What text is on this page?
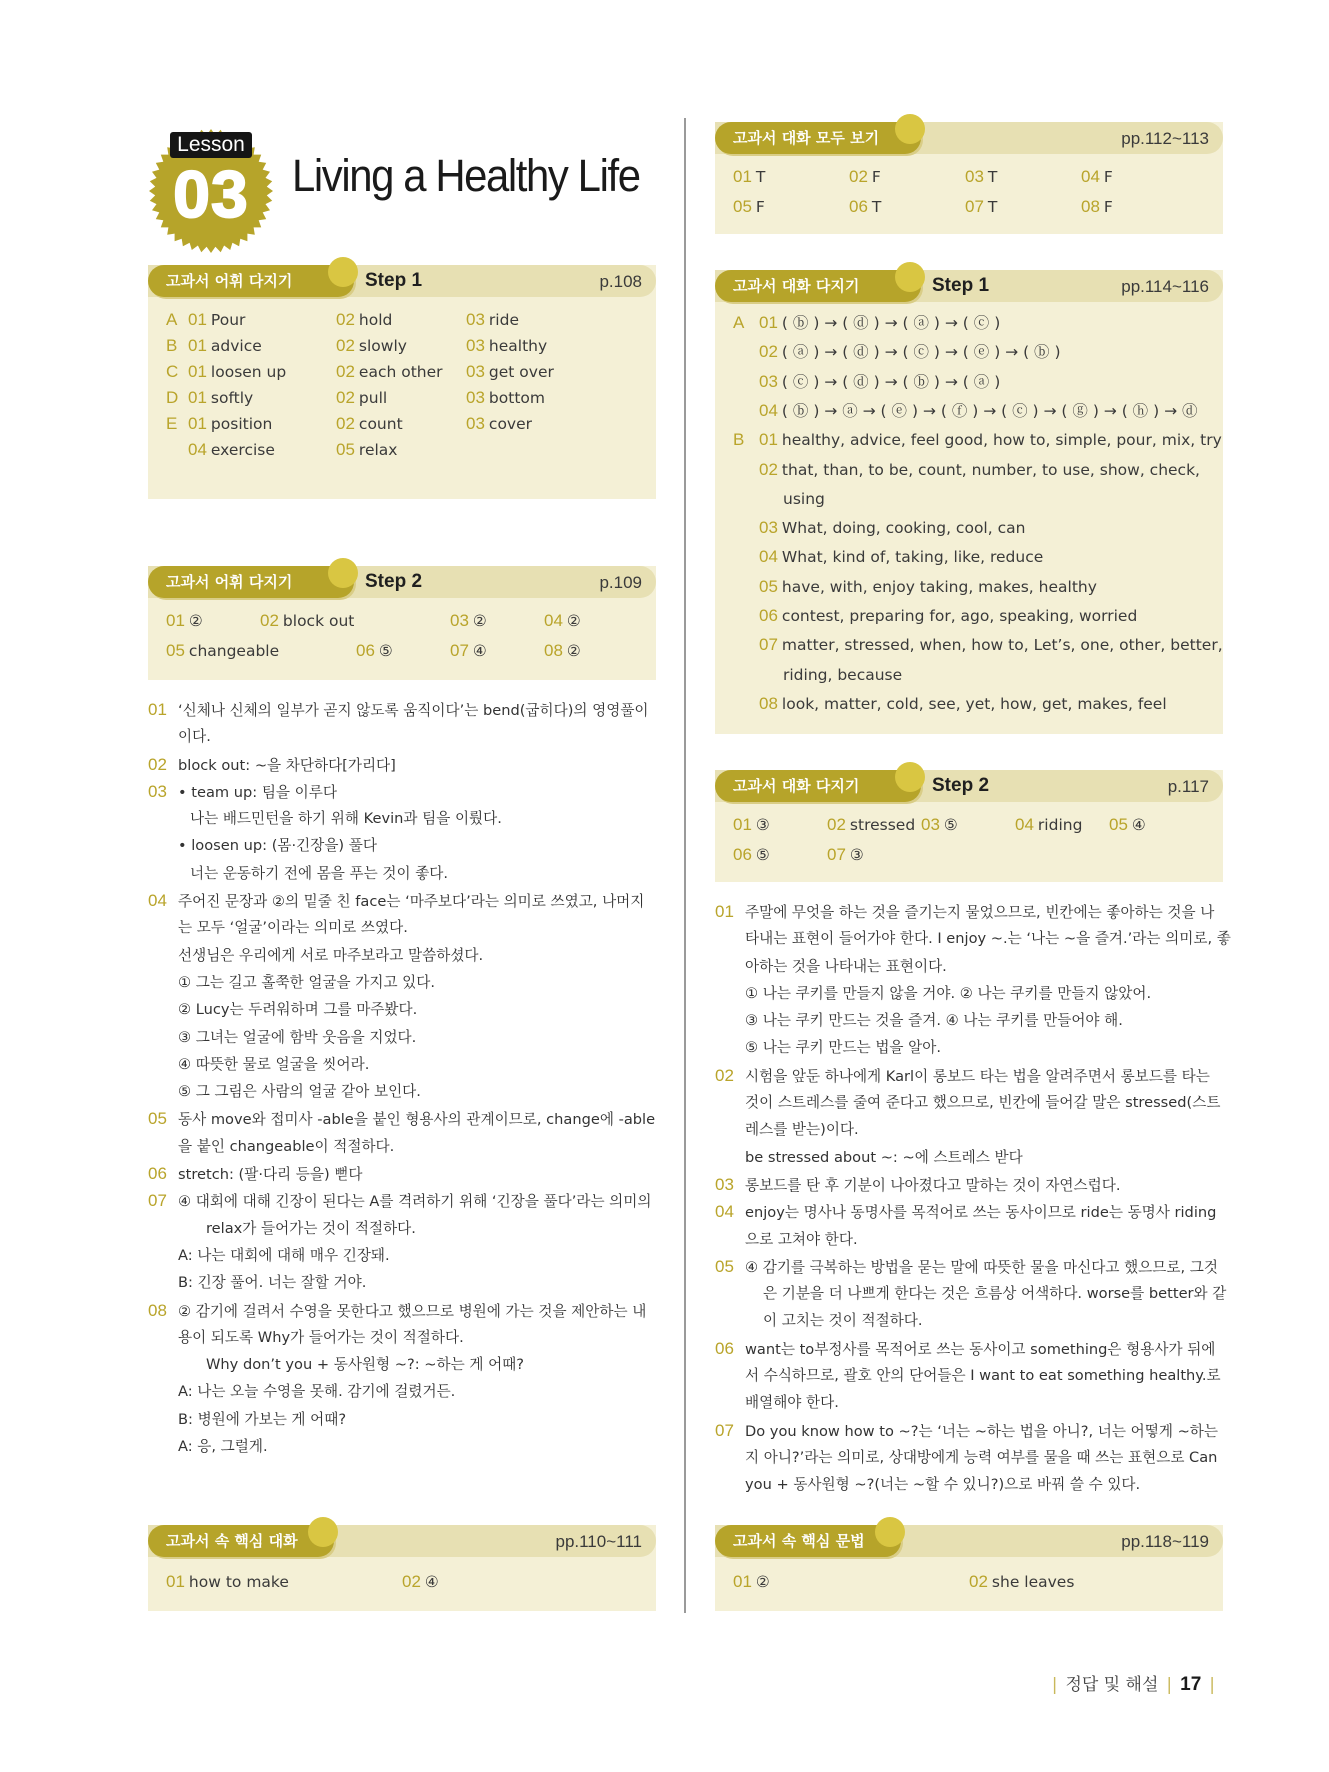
Lesson
03 Living a Healthy Life
고과서 어휘 다지기	Step 1	p.108
A 01 Pour	02 hold	03 ride
B 01 advice	02 slowly	03 healthy
C 01 loosen up	02 each other 03 get over
D 01 softly	02 pull	03 bottom
E 01 position	02 count	03 cover
04 exercise	05 relax
고과서 어휘 다지기	Step 2	p.109
01 ②	02 block out	03 ②	04 ②
05 changeable	06 ⑤	07 ④	08 ②
01 ‘신체나 신체의 일부가 곧지 않도록 움직이다’는 bend(굽히다)의 영영풀이
이다.
02 block out: ~을 차단하다[가리다]
03 • team up: 팀을 이루다
나는 배드민턴을 하기 위해 Kevin과 팀을 이뤘다.
• loosen up: (몸·긴장을) 풀다
너는 운동하기 전에 몸을 푸는 것이 좋다.
04 주어진 문장과 ②의 밑줄 친 face는 ‘마주보다’라는 의미로 쓰였고, 나머지
는 모두 ‘얼굴’이라는 의미로 쓰였다.
선생님은 우리에게 서로 마주보라고 말씀하셨다.
① 그는 길고 홀쭉한 얼굴을 가지고 있다.
② Lucy는 두려워하며 그를 마주봤다.
③ 그녀는 얼굴에 함박 웃음을 지었다.
④ 따뜻한 물로 얼굴을 씻어라.
⑤ 그 그림은 사람의 얼굴 같아 보인다.
05 동사 move와 접미사 -able을 붙인 형용사의 관계이므로, change에 -able
을 붙인 changeable이 적절하다.
06 stretch: (팔·다리 등을) 뻗다
07 ④ 대회에 대해 긴장이 된다는 A를 격려하기 위해 ‘긴장을 풀다’라는 의미의
relax가 들어가는 것이 적절하다.
A: 나는 대회에 대해 매우 긴장돼.
B: 긴장 풀어. 너는 잘할 거야.
08 ② 감기에 걸려서 수영을 못한다고 했으므로 병원에 가는 것을 제안하는 내
용이 되도록 Why가 들어가는 것이 적절하다.
Why don’t you + 동사원형 ~?: ~하는 게 어때?
A: 나는 오늘 수영을 못해. 감기에 걸렸거든.
B: 병원에 가보는 게 어때?
A: 응, 그럴게.
고과서 속 핵심 대화	pp.110~111
01 how to make	02 ④
고과서 대화 모두 보기	pp.112~113
01 T	02 F	03 T	04 F
05 F	06 T	07 T	08 F
고과서 대화 다지기	Step 1	pp.114~116
A 01 ( ⓑ ) → ( ⓓ ) → ( ⓐ ) → ( ⓒ )
02 ( ⓐ ) → ( ⓓ ) → ( ⓒ ) → ( ⓔ ) → ( ⓑ )
03 ( ⓒ ) → ( ⓓ ) → ( ⓑ ) → ( ⓐ )
04 ( ⓑ ) → ⓐ → ( ⓔ ) → ( ⓕ ) → ( ⓒ ) → ( ⓖ ) → ( ⓗ ) → ⓓ
B 01 healthy, advice, feel good, how to, simple, pour, mix, try
02 that, than, to be, count, number, to use, show, check,
using
03 What, doing, cooking, cool, can
04 What, kind of, taking, like, reduce
05 have, with, enjoy taking, makes, healthy
06 contest, preparing for, ago, speaking, worried
07 matter, stressed, when, how to, Let’s, one, other, better,
riding, because
08 look, matter, cold, see, yet, how, get, makes, feel
고과서 대화 다지기	Step 2	p.117
01 ③	02 stressed 03 ⑤	04 riding 05 ④
06 ⑤	07 ③
01 주말에 무엇을 하는 것을 즐기는지 물었으므로, 빈칸에는 좋아하는 것을 나
타내는 표현이 들어가야 한다. I enjoy ~.는 ‘나는 ~을 즐겨.’라는 의미로, 좋
아하는 것을 나타내는 표현이다.
① 나는 쿠키를 만들지 않을 거야. ② 나는 쿠키를 만들지 않았어.
③ 나는 쿠키 만드는 것을 즐겨. ④ 나는 쿠키를 만들어야 해.
⑤ 나는 쿠키 만드는 법을 알아.
02 시험을 앞둔 하나에게 Karl이 롱보드 타는 법을 알려주면서 롱보드를 타는
것이 스트레스를 줄여 준다고 했으므로, 빈칸에 들어갈 말은 stressed(스트
레스를 받는)이다.
be stressed about ~: ~에 스트레스 받다
03 롱보드를 탄 후 기분이 나아졌다고 말하는 것이 자연스럽다.
04 enjoy는 명사나 동명사를 목적어로 쓰는 동사이므로 ride는 동명사 riding
으로 고쳐야 한다.
05 ④ 감기를 극복하는 방법을 묻는 말에 따뜻한 물을 마신다고 했으므로, 그것
은 기분을 더 나쁘게 한다는 것은 흐름상 어색하다. worse를 better와 같
이 고치는 것이 적절하다.
06 want는 to부정사를 목적어로 쓰는 동사이고 something은 형용사가 뒤에
서 수식하므로, 괄호 안의 단어들은 I want to eat something healthy.로
배열해야 한다.
07 Do you know how to ~?는 ‘너는 ~하는 법을 아니?, 너는 어떻게 ~하는
지 아니?’라는 의미로, 상대방에게 능력 여부를 물을 때 쓰는 표현으로 Can
you + 동사원형 ~?(너는 ~할 수 있니?)으로 바꿔 쓸 수 있다.
고과서 속 핵심 문법	pp.118~119
01 ②	02 she leaves
| 정답 및 해설 | 17 |
